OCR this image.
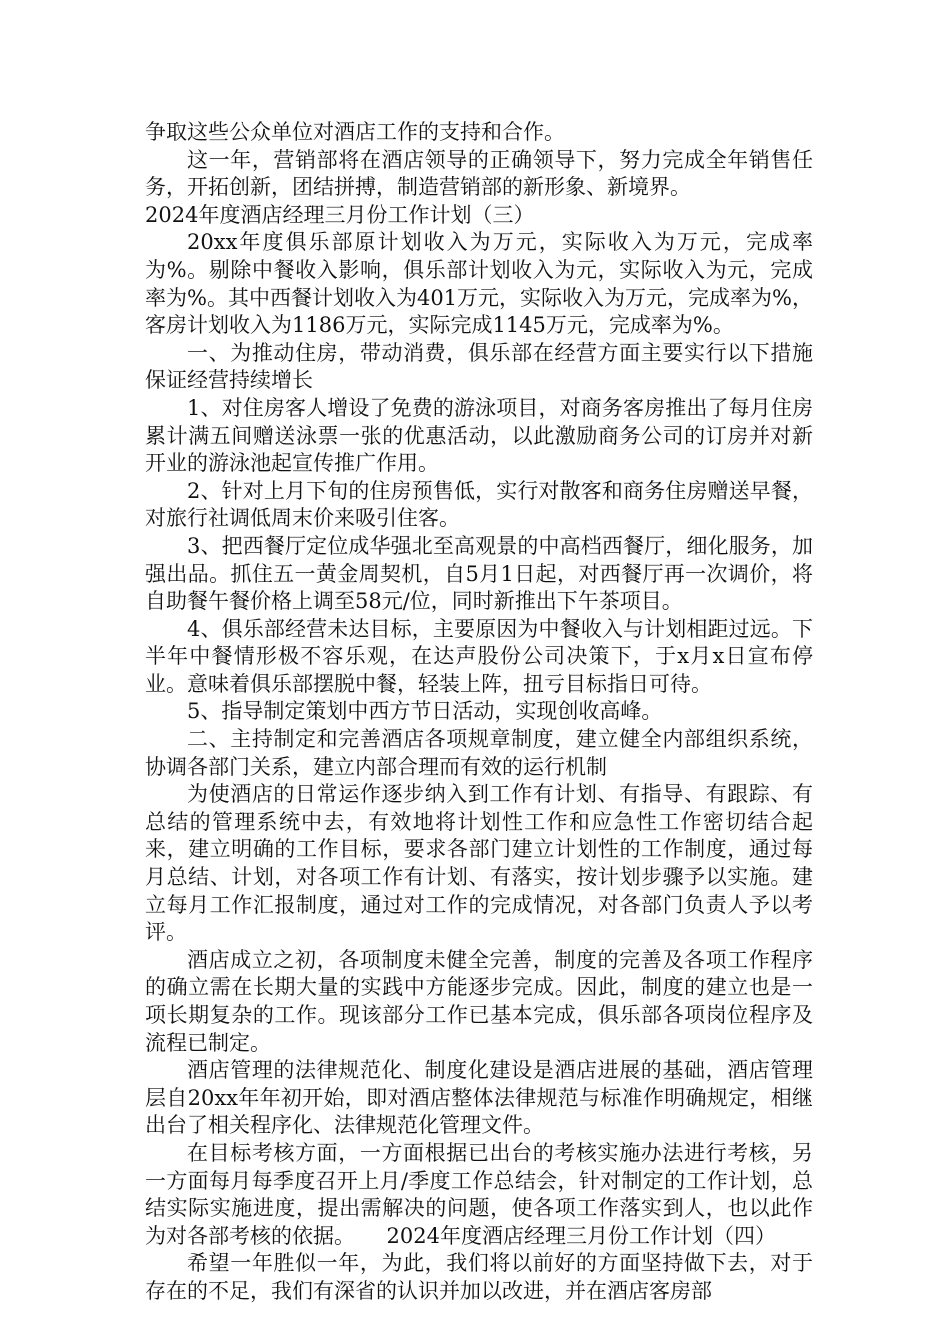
争取这些公众单位对酒店工作的支持和合作。

这一年，营销部将在酒店领导的正确领导下，努力完成全年销售任务，开拓创新，团结拼搏，制造营销部的新形象、新境界。

2024年度酒店经理三月份工作计划（三）

20xx年度俱乐部原计划收入为万元，实际收入为万元，完成率为%。剔除中餐收入影响，俱乐部计划收入为元，实际收入为元，完成率为%。其中西餐计划收入为401万元，实际收入为万元，完成率为%，客房计划收入为1186万元，实际完成1145万元，完成率为%。

一、为推动住房，带动消费，俱乐部在经营方面主要实行以下措施保证经营持续增长

1、对住房客人增设了免费的游泳项目，对商务客房推出了每月住房累计满五间赠送泳票一张的优惠活动，以此激励商务公司的订房并对新开业的游泳池起宣传推广作用。

2、针对上月下旬的住房预售低，实行对散客和商务住房赠送早餐，对旅行社调低周末价来吸引住客。

3、把西餐厅定位成华强北至高观景的中高档西餐厅，细化服务，加强出品。抓住五一黄金周契机，自5月1日起，对西餐厅再一次调价，将自助餐午餐价格上调至58元/位，同时新推出下午茶项目。

4、俱乐部经营未达目标，主要原因为中餐收入与计划相距过远。下半年中餐情形极不容乐观，在达声股份公司决策下，于x月x日宣布停业。意味着俱乐部摆脱中餐，轻装上阵，扭亏目标指日可待。

5、指导制定策划中西方节日活动，实现创收高峰。

二、主持制定和完善酒店各项规章制度，建立健全内部组织系统，协调各部门关系，建立内部合理而有效的运行机制

为使酒店的日常运作逐步纳入到工作有计划、有指导、有跟踪、有总结的管理系统中去，有效地将计划性工作和应急性工作密切结合起来，建立明确的工作目标，要求各部门建立计划性的工作制度，通过每月总结、计划，对各项工作有计划、有落实，按计划步骤予以实施。建立每月工作汇报制度，通过对工作的完成情况，对各部门负责人予以考评。

酒店成立之初，各项制度未健全完善，制度的完善及各项工作程序的确立需在长期大量的实践中方能逐步完成。因此，制度的建立也是一项长期复杂的工作。现该部分工作已基本完成，俱乐部各项岗位程序及流程已制定。

酒店管理的法律规范化、制度化建设是酒店进展的基础，酒店管理层自20xx年年初开始，即对酒店整体法律规范与标准作明确规定，相继出台了相关程序化、法律规范化管理文件。

在目标考核方面，一方面根据已出台的考核实施办法进行考核，另一方面每月每季度召开上月/季度工作总结会，针对制定的工作计划，总结实际实施进度，提出需解决的问题，使各项工作落实到人，也以此作为对各部考核的依据。　　2024年度酒店经理三月份工作计划（四）

希望一年胜似一年，为此，我们将以前好的方面坚持做下去，对于存在的不足，我们有深省的认识并加以改进，并在酒店客房部
